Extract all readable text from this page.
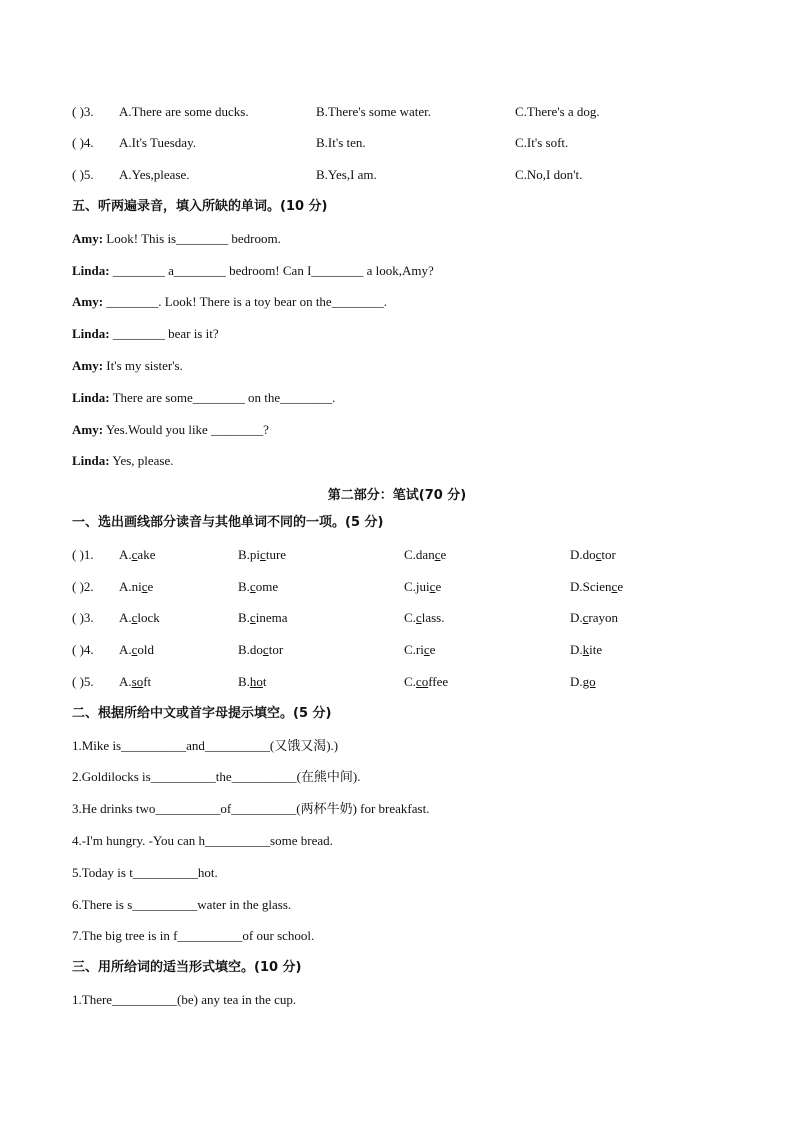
( )3. A.There are some ducks.	B.There's some water.	C.There's a dog.
( )4. A.It's Tuesday.	B.It's ten.	C.It's soft.
( )5. A.Yes,please.	B.Yes,I am.	C.No,I don't.
五、听两遍录音，填入所缺的单词。(10 分)
Amy: Look! This is________ bedroom.
Linda: ________ a________ bedroom! Can I________ a look,Amy?
Amy: ________. Look! There is a toy bear on the________.
Linda: ________ bear is it?
Amy: It's my sister's.
Linda: There are some________ on the________.
Amy: Yes.Would you like ________?
Linda: Yes, please.
第二部分：笔试(70 分)
一、选出画线部分读音与其他单词不同的一项。(5 分)
( )1. A.cake	B.picture	C.dance	D.doctor
( )2. A.nice	B.come	C.juice	D.Science
( )3. A.clock	B.cinema	C.class.	D.crayon
( )4. A.cold	B.doctor	C.rice	D.kite
( )5. A.soft	B.hot	C.coffee	D.go
二、根据所给中文或首字母提示填空。(5 分)
1.Mike is__________and__________(又饿又渴).)
2.Goldilocks is__________the__________(在熊中间).
3.He drinks two__________of__________(两杯牛奶) for breakfast.
4.-I'm hungry. -You can h__________some bread.
5.Today is t__________hot.
6.There is s__________water in the glass.
7.The big tree is in f__________of our school.
三、用所给词的适当形式填空。(10 分)
1.There__________(be) any tea in the cup.
